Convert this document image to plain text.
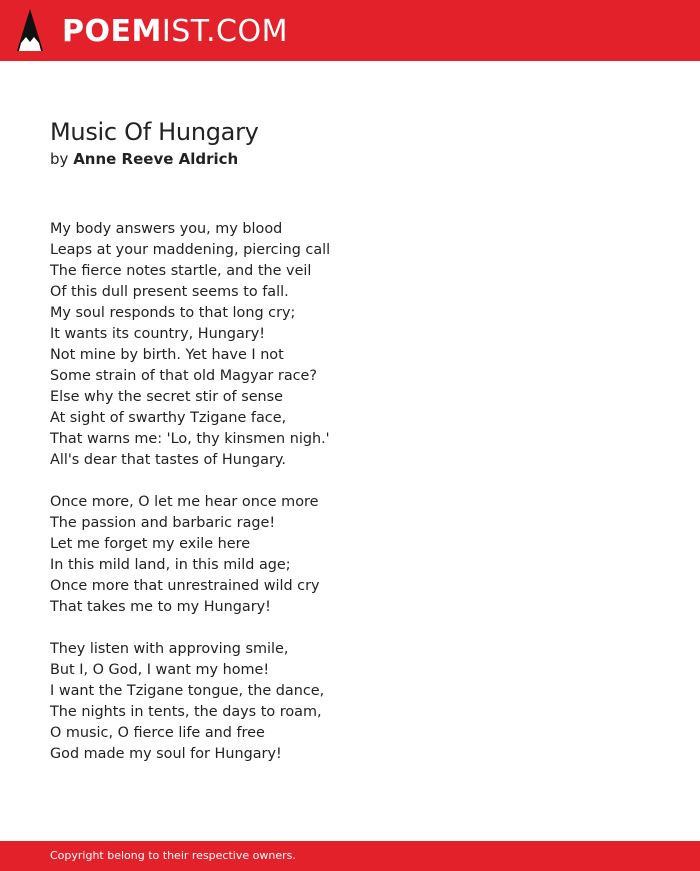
POEM IST.COM
Music Of Hungary
by Anne Reeve Aldrich
My body answers you, my blood
Leaps at your maddening, piercing call
The fierce notes startle, and the veil
Of this dull present seems to fall.
My soul responds to that long cry;
It wants its country, Hungary!
Not mine by birth. Yet have I not
Some strain of that old Magyar race?
Else why the secret stir of sense
At sight of swarthy Tzigane face,
That warns me: 'Lo, thy kinsmen nigh.'
All's dear that tastes of Hungary.
Once more, O let me hear once more
The passion and barbaric rage!
Let me forget my exile here
In this mild land, in this mild age;
Once more that unrestrained wild cry
That takes me to my Hungary!
They listen with approving smile,
But I, O God, I want my home!
I want the Tzigane tongue, the dance,
The nights in tents, the days to roam,
O music, O fierce life and free
God made my soul for Hungary!
Copyright belong to their respective owners.
